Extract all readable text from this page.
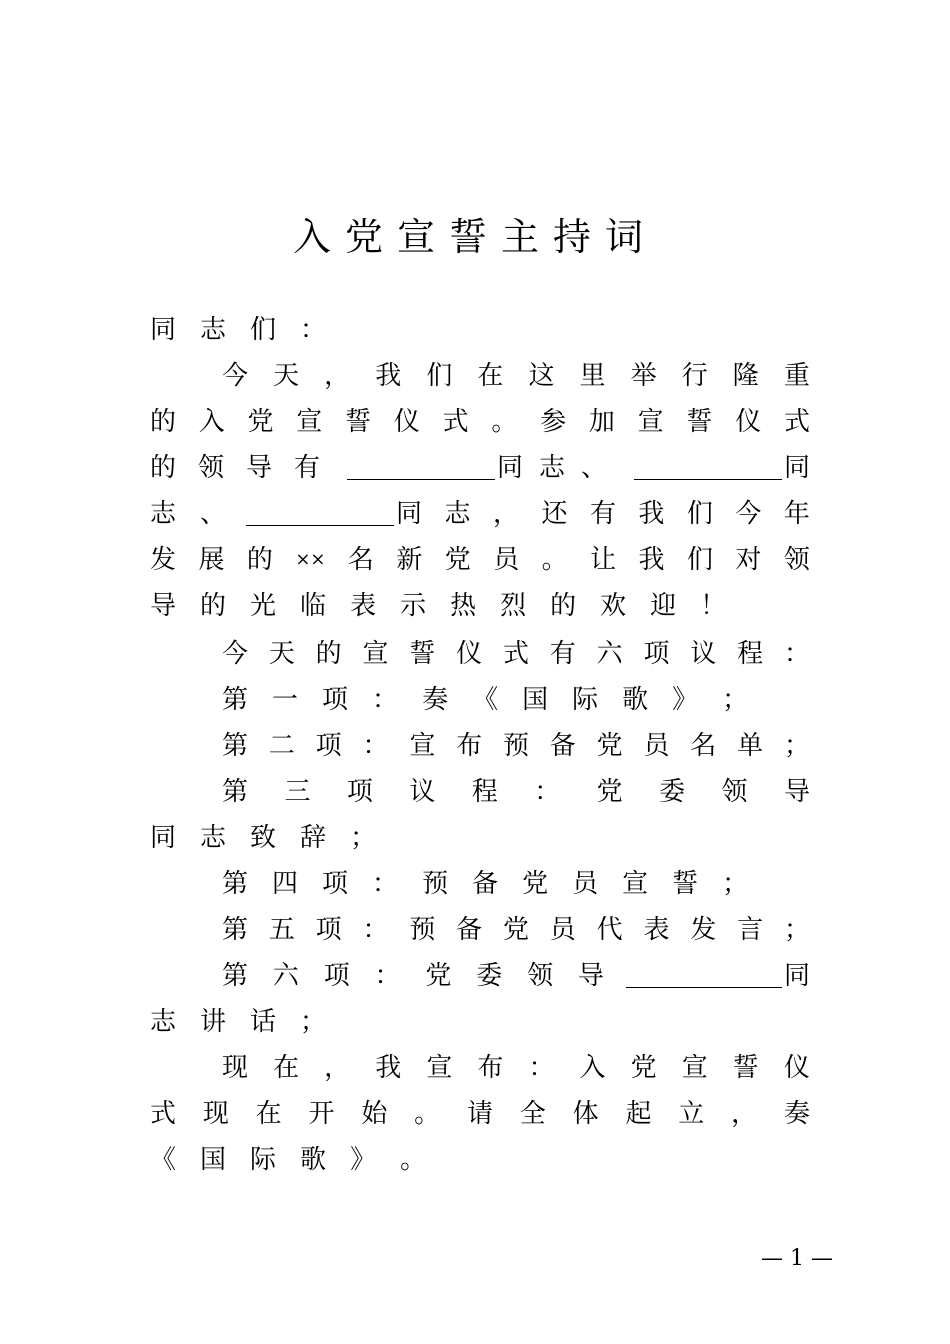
入党宣誓主持词
同 志 们 ：
今 天 ， 我 们 在 这 里 举 行 隆 重
的 入 党 宣 誓 仪 式 。 参 加 宣 誓 仪 式
的 领 导 有	同 志 、	同
志 、	同 志 ， 还 有 我 们 今 年
发 展 的 ×× 名 新 党 员 。 让 我 们 对 领
导 的 光 临 表 示 热 烈 的 欢 迎 ！
今 天 的 宣 誓 仪 式 有 六 项 议 程 ：
第 一 项 ： 奏 《 国 际 歌 》 ；
第 二 项 ： 宣 布 预 备 党 员 名 单 ；
第 三 项 议 程 ： 党 委 领 导
同 志 致 辞 ；
第 四 项 ： 预 备 党 员 宣 誓 ；
第 五 项 ： 预 备 党 员 代 表 发 言 ；
第 六 项 ： 党 委 领 导	同
志 讲 话 ；
现 在 ， 我 宣 布 ： 入 党 宣 誓 仪
式 现 在 开 始 。 请 全 体 起 立 ， 奏
《 国 际 歌 》 。
— 1 —
